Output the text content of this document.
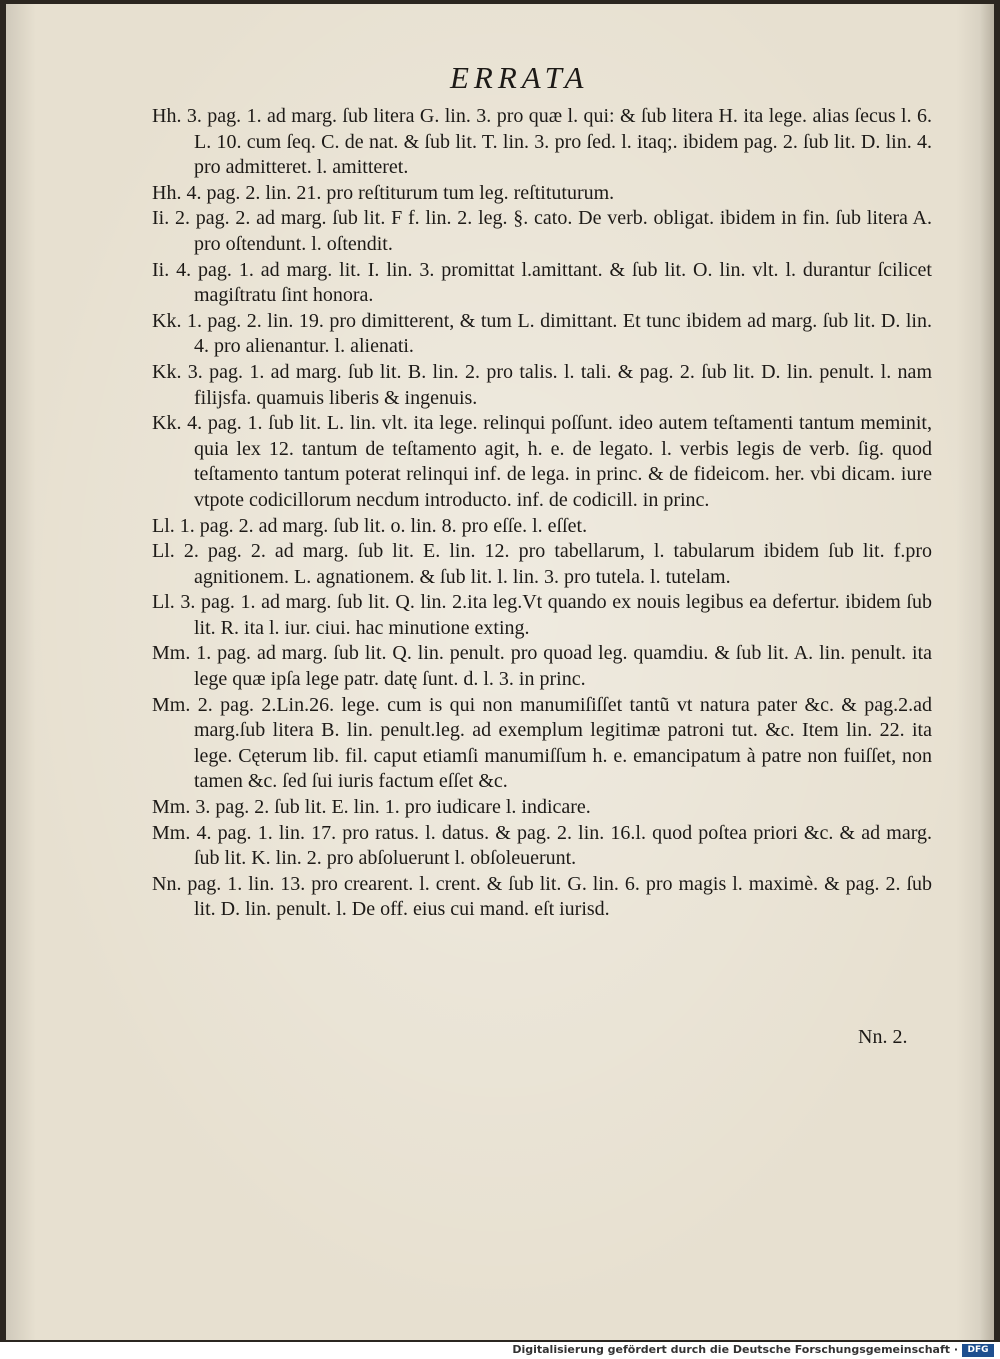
ERRATA

Hh. 3. pag. 1. ad marg. ſub litera G. lin. 3. pro quæ l. qui: & ſub litera H. ita lege. alias ſecus l. 6. L. 10. cum ſeq. C. de nat. & ſub lit. T. lin. 3. pro ſed. l. itaq;. ibidem pag. 2. ſub lit. D. lin. 4. pro admitteret. l. amitteret.

Hh. 4. pag. 2. lin. 21. pro reſtiturum tum leg. reſtituturum.

Ii. 2. pag. 2. ad marg. ſub lit. F f. lin. 2. leg. §. cato. De verb. obligat. ibidem in fin. ſub litera A. pro oſtendunt. l. oſtendit.

Ii. 4. pag. 1. ad marg. lit. I. lin. 3. promittat l.amittant. & ſub lit. O. lin. vlt. l. durantur ſcilicet magiſtratu ſint honora.

Kk. 1. pag. 2. lin. 19. pro dimitterent, & tum L. dimittant. Et tunc ibidem ad marg. ſub lit. D. lin. 4. pro alienantur. l. alienati.

Kk. 3. pag. 1. ad marg. ſub lit. B. lin. 2. pro talis. l. tali. & pag. 2. ſub lit. D. lin. penult. l. nam filijsfa. quamuis liberis & ingenuis.

Kk. 4. pag. 1. ſub lit. L. lin. vlt. ita lege. relinqui poſſunt. ideo autem teſtamenti tantum meminit, quia lex 12. tantum de teſtamento agit, h. e. de legato. l. verbis legis de verb. ſig. quod teſtamento tantum poterat relinqui inf. de lega. in princ. & de fideicom. her. vbi dicam. iure vtpote codicillorum necdum introducto. inf. de codicill. in princ.

Ll. 1. pag. 2. ad marg. ſub lit. o. lin. 8. pro eſſe. l. eſſet.

Ll. 2. pag. 2. ad marg. ſub lit. E. lin. 12. pro tabellarum, l. tabularum ibidem ſub lit. f.pro agnitionem. L. agnationem. & ſub lit. l. lin. 3. pro tutela. l. tutelam.

Ll. 3. pag. 1. ad marg. ſub lit. Q. lin. 2.ita leg.Vt quando ex nouis legibus ea defertur. ibidem ſub lit. R. ita l. iur. ciui. hac minutione exting.

Mm. 1. pag. ad marg. ſub lit. Q. lin. penult. pro quoad leg. quamdiu. & ſub lit. A. lin. penult. ita lege quæ ipſa lege patr. datę ſunt. d. l. 3. in princ.

Mm. 2. pag. 2.Lin.26. lege. cum is qui non manumiſiſſet tantũ vt natura pater &c. & pag.2.ad marg.ſub litera B. lin. penult.leg. ad exemplum legitimæ patroni tut. &c. Item lin. 22. ita lege. Cęterum lib. fil. caput etiamſi manumiſſum h. e. emancipatum à patre non fuiſſet, non tamen &c. ſed ſui iuris factum eſſet &c.

Mm. 3. pag. 2. ſub lit. E. lin. 1. pro iudicare l. indicare.

Mm. 4. pag. 1. lin. 17. pro ratus. l. datus. & pag. 2. lin. 16.l. quod poſtea priori &c. & ad marg. ſub lit. K. lin. 2. pro abſoluerunt l. obſoleuerunt.

Nn. pag. 1. lin. 13. pro crearent. l. crent. & ſub lit. G. lin. 6. pro magis l. maximè. & pag. 2. ſub lit. D. lin. penult. l. De off. eius cui mand. eſt iurisd.

Nn. 2.
Digitalisierung gefördert durch die Deutsche Forschungsgemeinschaft ·	DFG
